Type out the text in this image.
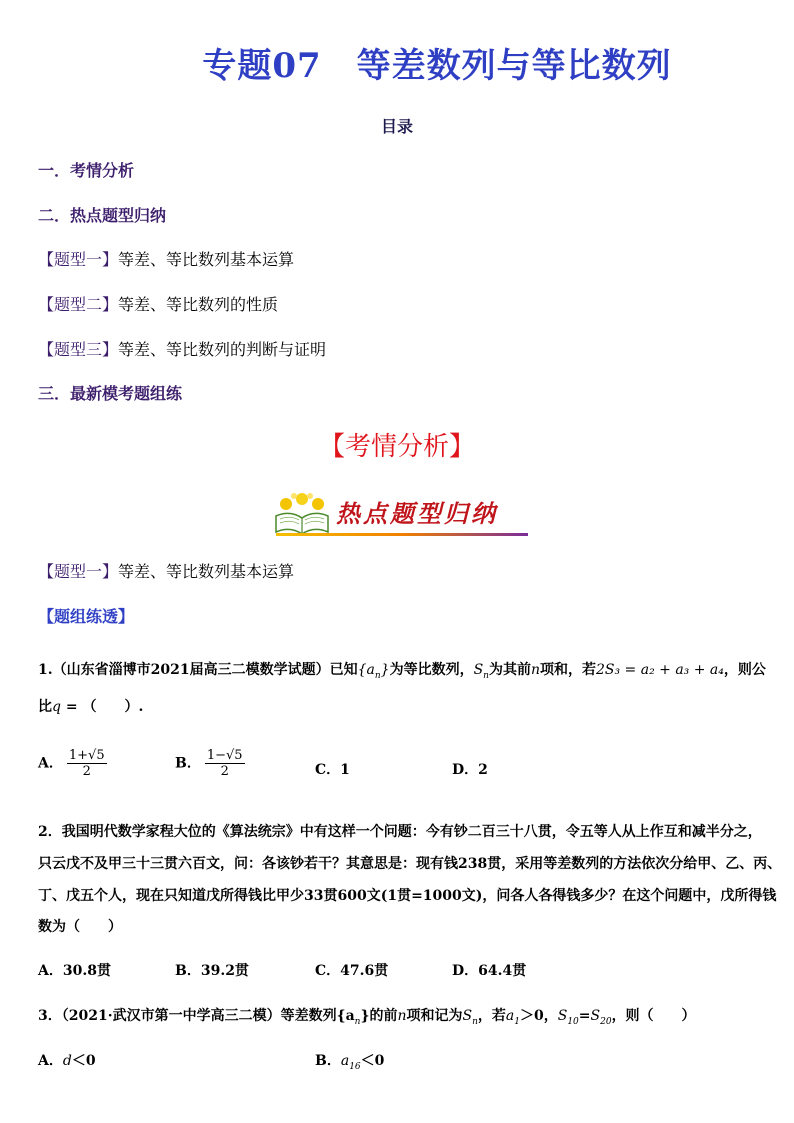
专题07　等差数列与等比数列
目录
一．考情分析
二．热点题型归纳
【题型一】等差、等比数列基本运算
【题型二】等差、等比数列的性质
【题型三】等差、等比数列的判断与证明
三．最新模考题组练
【考情分析】
热点题型归纳
【题型一】等差、等比数列基本运算
【题组练透】
1.（山东省淄博市2021届高三二模数学试题）已知$\{a_n\}$为等比数列，$S_n$为其前n项和，若2S₃ = a₂ + a₃ + a₄，则公
比q = （　　）.
A． $\frac{1+√5}{2}$	B． $\frac{1-√5}{2}$	C．1	D．2
2．我国明代数学家程大位的《算法统宗》中有这样一个问题：今有钞二百三十八贯，令五等人从上作互和减半分之，
只云戊不及甲三十三贯六百文，问：各该钞若干？其意思是：现有钱238贯，采用等差数列的方法依次分给甲、乙、丙、
丁、戊五个人，现在只知道戊所得钱比甲少33贯600文(1贯=1000文)，问各人各得钱多少？在这个问题中，戊所得钱
数为（　　）
A．30.8贯	B．39.2贯	C．47.6贯	D．64.4贯
3．（2021·武汉市第一中学高三二模）等差数列$\{a_n\}$的前n项和记为$S_n$，若$a_1>0$，$S_{10}=S_{20}$，则（　　）
A．d＜0	B．$a_{16}<0$
